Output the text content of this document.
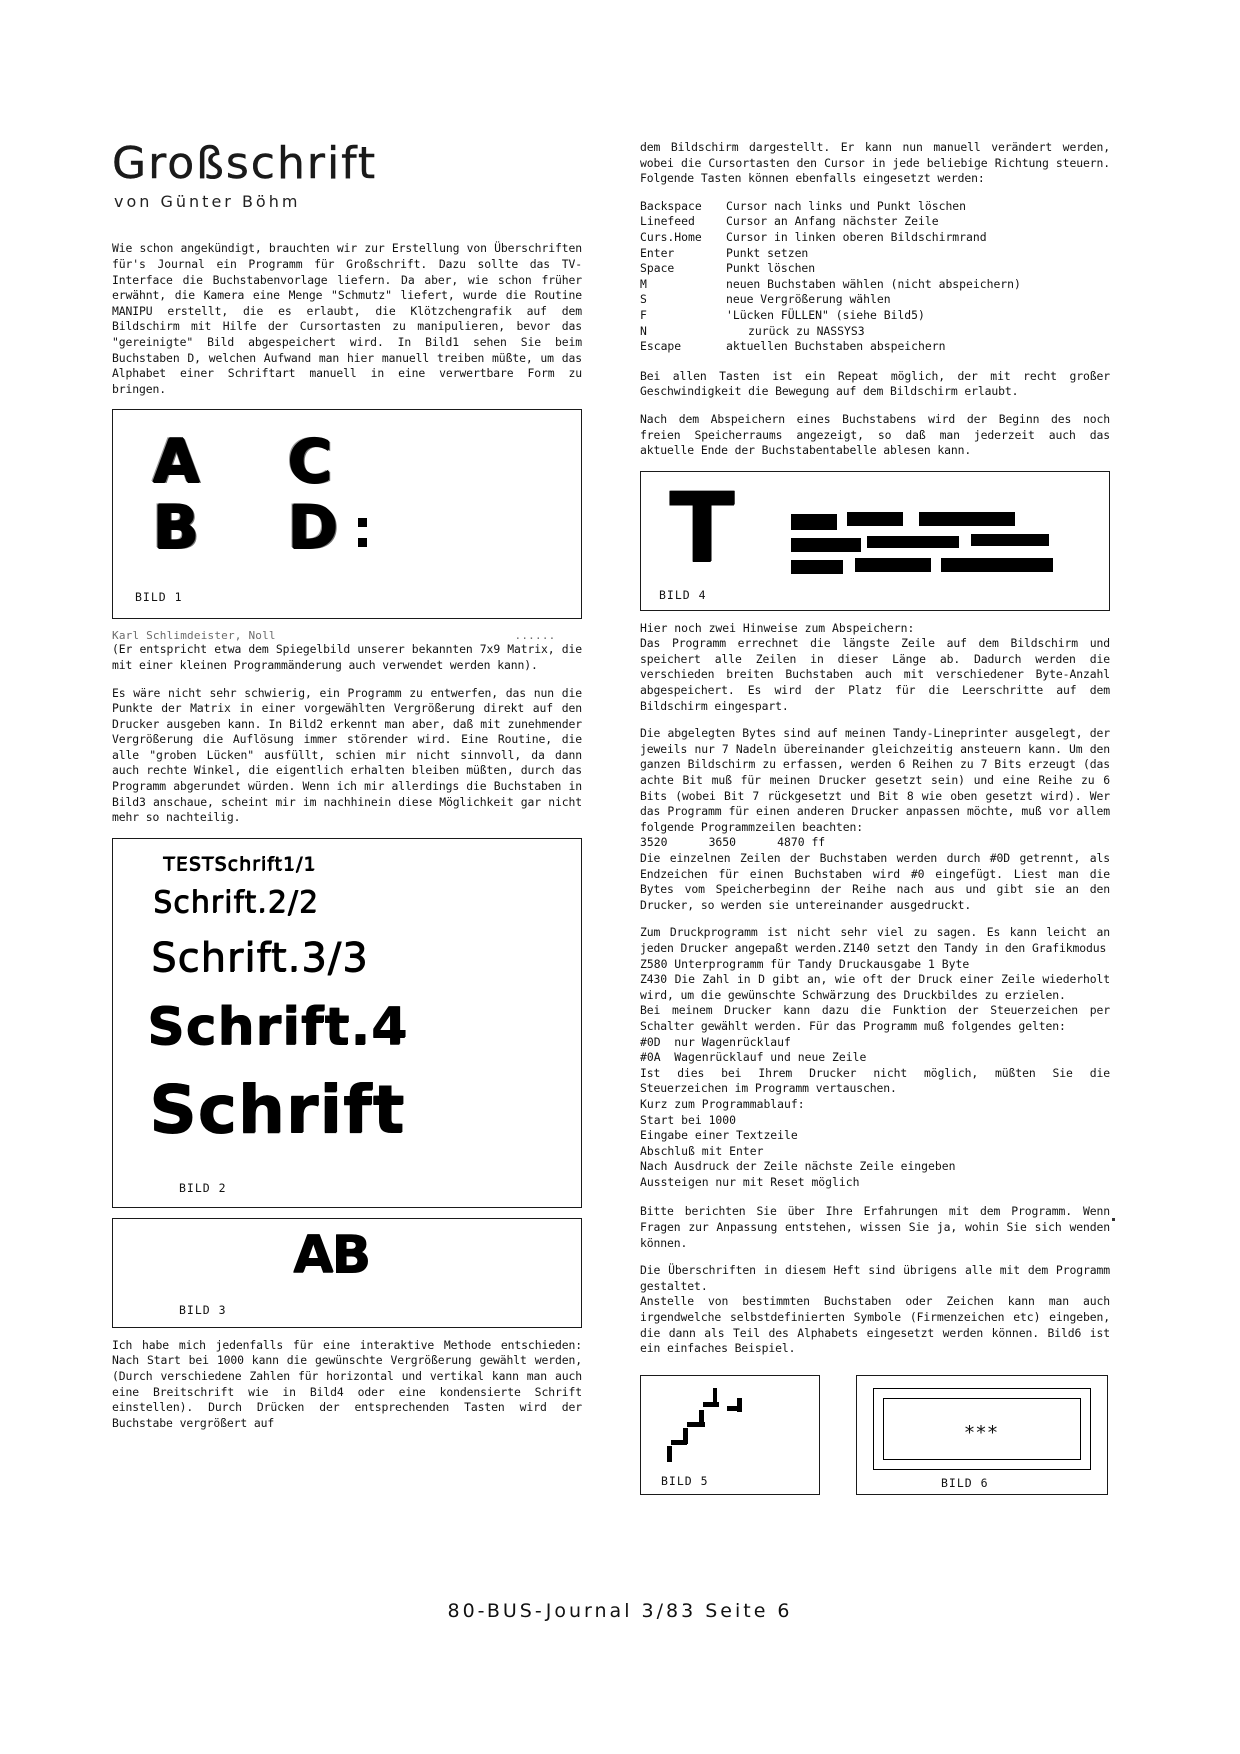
Großschrift
von Günter Böhm

Wie schon angekündigt, brauchten wir zur Erstellung von Überschriften für's Journal ein Programm für Großschrift. Dazu sollte das TV-Interface die Buchstabenvorlage liefern. Da aber, wie schon früher erwähnt, die Kamera eine Menge "Schmutz" liefert, wurde die Routine MANIPU erstellt, die es erlaubt, die Klötzchengrafik auf dem Bildschirm mit Hilfe der Cursortasten zu manipulieren, bevor das "gereinigte" Bild abgespeichert wird. In Bild1 sehen Sie beim Buchstaben D, welchen Aufwand man hier manuell treiben müßte, um das Alphabet einer Schriftart manuell in eine verwertbare Form zu bringen.

A
B
C
D
BILD 1
Karl Schlimdeister, Noll                                   ......

(Er entspricht etwa dem Spiegelbild unserer bekannten 7x9 Matrix, die mit einer kleinen Programmänderung auch verwendet werden kann).

Es wäre nicht sehr schwierig, ein Programm zu entwerfen, das nun die Punkte der Matrix in einer vorgewählten Vergrößerung direkt auf den Drucker ausgeben kann. In Bild2 erkennt man aber, daß mit zunehmender Vergrößerung die Auflösung immer störender wird. Eine Routine, die alle "groben Lücken" ausfüllt, schien mir nicht sinnvoll, da dann auch rechte Winkel, die eigentlich erhalten bleiben müßten, durch das Programm abgerundet würden. Wenn ich mir allerdings die Buchstaben in Bild3 anschaue, scheint mir im nachhinein diese Möglichkeit gar nicht mehr so nachteilig.

TESTSchrift1/1
Schrift.2/2
Schrift.3/3
Schrift.4
Schrift
BILD 2
AB
BILD 3

Ich habe mich jedenfalls für eine interaktive Methode entschieden: Nach Start bei 1000 kann die gewünschte Vergrößerung gewählt werden, (Durch verschiedene Zahlen für horizontal und vertikal kann man auch eine Breitschrift wie in Bild4 oder eine kondensierte Schrift einstellen). Durch Drücken der entsprechenden Tasten wird der Buchstabe vergrößert auf

dem Bildschirm dargestellt. Er kann nun manuell verändert werden, wobei die Cursortasten den Cursor in jede beliebige Richtung steuern. Folgende Tasten können ebenfalls eingesetzt werden:

Backspace	Cursor nach links und Punkt löschen
Linefeed	Cursor an Anfang nächster Zeile
Curs.Home	Cursor in linken oberen Bildschirmrand
Enter	Punkt setzen
Space	Punkt löschen
M	neuen Buchstaben wählen (nicht abspeichern)
S	neue Vergrößerung wählen
F	'Lücken FÜLLEN" (siehe Bild5)
N	zurück zu NASSYS3
Escape	aktuellen Buchstaben abspeichern

Bei allen Tasten ist ein Repeat möglich, der mit recht großer Geschwindigkeit die Bewegung auf dem Bildschirm erlaubt.

Nach dem Abspeichern eines Buchstabens wird der Beginn des noch freien Speicherraums angezeigt, so daß man jederzeit auch das aktuelle Ende der Buchstabentabelle ablesen kann.

T
BILD 4
Hier noch zwei Hinweise zum Abspeichern:

Das Programm errechnet die längste Zeile auf dem Bildschirm und speichert alle Zeilen in dieser Länge ab. Dadurch werden die verschieden breiten Buchstaben auch mit verschiedener Byte-Anzahl abgespeichert. Es wird der Platz für die Leerschritte auf dem Bildschirm eingespart.

Die abgelegten Bytes sind auf meinen Tandy-Lineprinter ausgelegt, der jeweils nur 7 Nadeln übereinander gleichzeitig ansteuern kann. Um den ganzen Bildschirm zu erfassen, werden 6 Reihen zu 7 Bits erzeugt (das achte Bit muß für meinen Drucker gesetzt sein) und eine Reihe zu 6 Bits (wobei Bit 7 rückgesetzt und Bit 8 wie oben gesetzt wird). Wer das Programm für einen anderen Drucker anpassen möchte, muß vor allem folgende Programmzeilen beachten:

3520      3650      4870 ff

Die einzelnen Zeilen der Buchstaben werden durch #0D getrennt, als Endzeichen für einen Buchstaben wird #0 eingefügt. Liest man die Bytes vom Speicherbeginn der Reihe nach aus und gibt sie an den Drucker, so werden sie untereinander ausgedruckt.

Zum Druckprogramm ist nicht sehr viel zu sagen. Es kann leicht an jeden Drucker angepaßt werden.Z140 setzt den Tandy in den Grafikmodus

Z580 Unterprogramm für Tandy Druckausgabe 1 Byte

Z430 Die Zahl in D gibt an, wie oft der Druck einer Zeile wiederholt wird, um die gewünschte Schwärzung des Druckbildes zu erzielen.

Bei meinem Drucker kann dazu die Funktion der Steuerzeichen per Schalter gewählt werden. Für das Programm muß folgendes gelten:

#0D  nur Wagenrücklauf
#0A  Wagenrücklauf und neue Zeile

Ist dies bei Ihrem Drucker nicht möglich, müßten Sie die Steuerzeichen im Programm vertauschen.

Kurz zum Programmablauf:
Start bei 1000
Eingabe einer Textzeile
Abschluß mit Enter
Nach Ausdruck der Zeile nächste Zeile eingeben
Aussteigen nur mit Reset möglich

Bitte berichten Sie über Ihre Erfahrungen mit dem Programm. Wenn Fragen zur Anpassung entstehen, wissen Sie ja, wohin Sie sich wenden können.

Die Überschriften in diesem Heft sind übrigens alle mit dem Programm gestaltet.

Anstelle von bestimmten Buchstaben oder Zeichen kann man auch irgendwelche selbstdefinierten Symbole (Firmenzeichen etc) eingeben, die dann als Teil des Alphabets eingesetzt werden können. Bild6 ist ein einfaches Beispiel.

BILD 5
***
BILD 6
80-BUS-Journal 3/83 Seite 6
